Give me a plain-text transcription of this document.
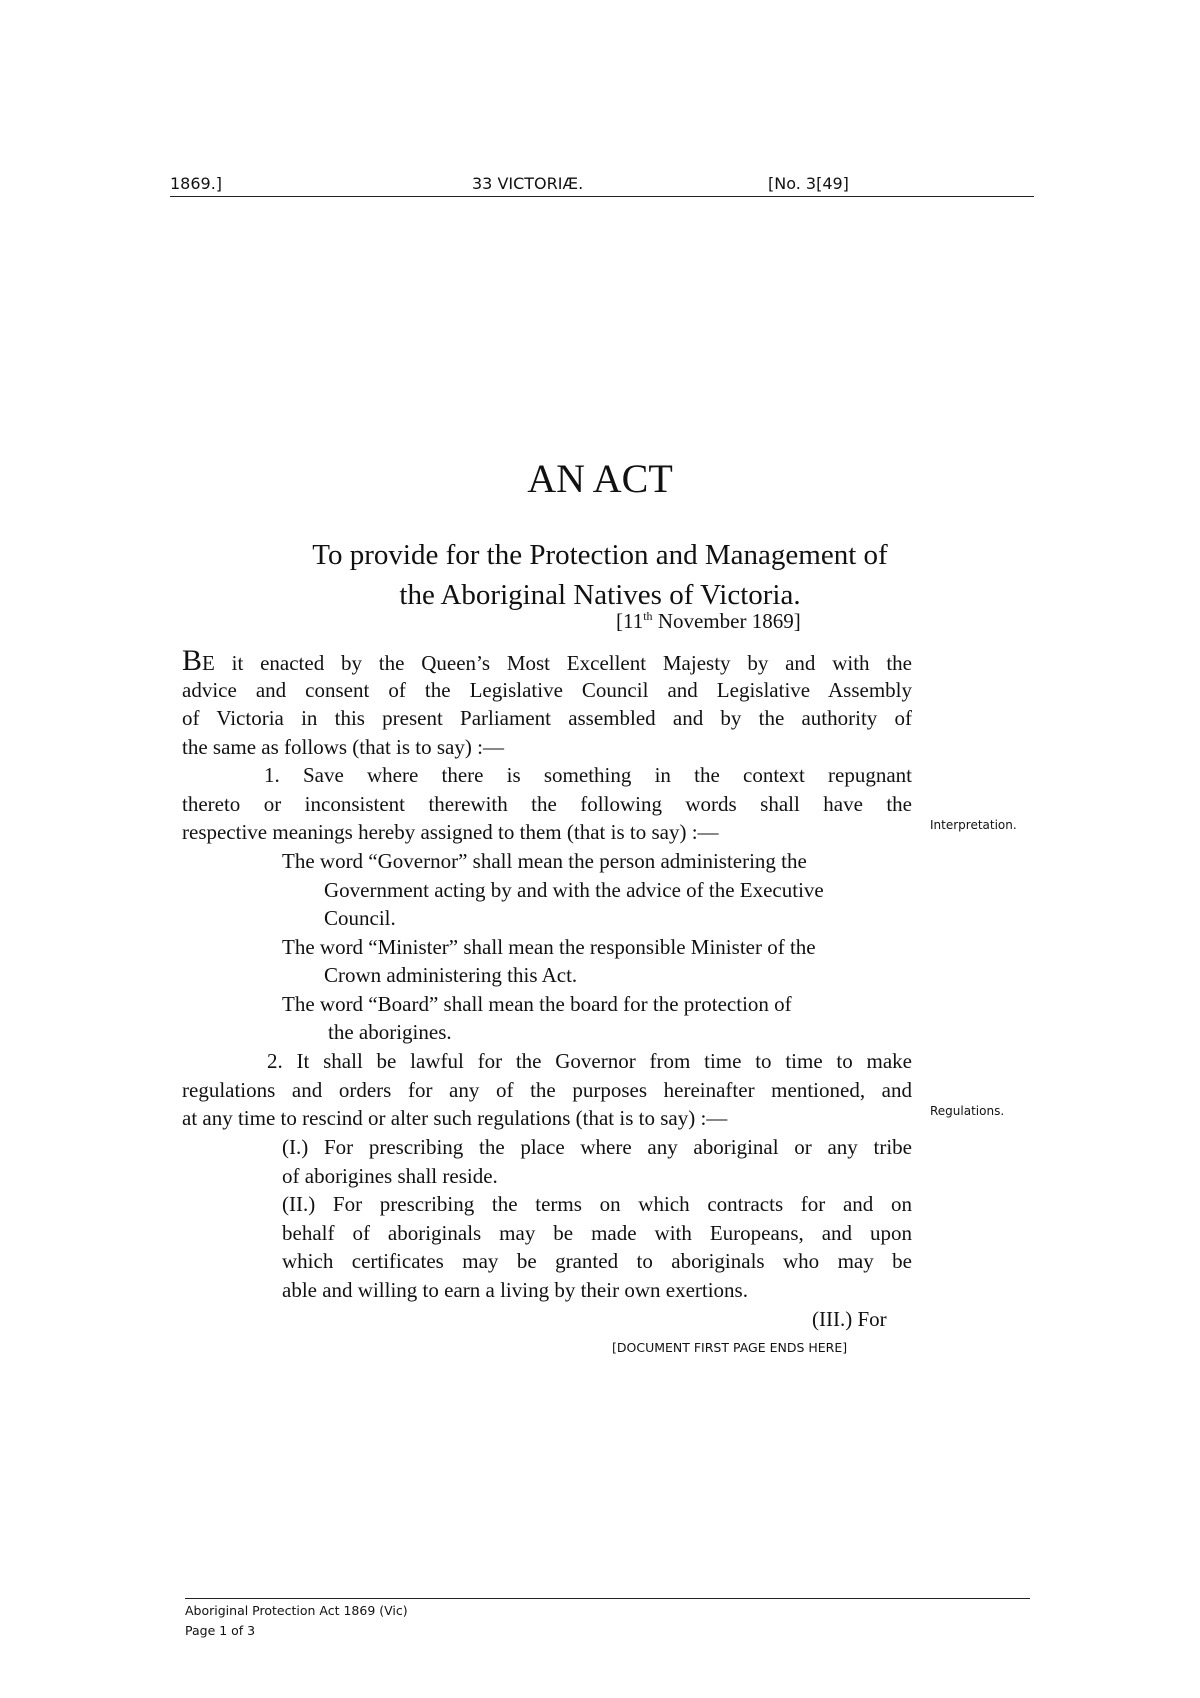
1869.]	33 VICTORIÆ.	[No. 3[49]
AN ACT
To provide for the Protection and Management of
the Aboriginal Natives of Victoria.
[11th November 1869]
BE it enacted by the Queen’s Most Excellent Majesty by and with the
advice and consent of the Legislative Council and Legislative Assembly
of Victoria in this present Parliament assembled and by the authority of
the same as follows (that is to say) :—
1. Save where there is something in the context repugnant
thereto or inconsistent therewith the following words shall have the
respective meanings hereby assigned to them (that is to say) :—	Interpretation.
The word “Governor” shall mean the person administering the
Government acting by and with the advice of the Executive
Council.
The word “Minister” shall mean the responsible Minister of the
Crown administering this Act.
The word “Board” shall mean the board for the protection of
the aborigines.
2. It shall be lawful for the Governor from time to time to make
regulations and orders for any of the purposes hereinafter mentioned, and
at any time to rescind or alter such regulations (that is to say) :—	Regulations.
(I.) For prescribing the place where any aboriginal or any tribe
of aborigines shall reside.
(II.) For prescribing the terms on which contracts for and on
behalf of aboriginals may be made with Europeans, and upon
which certificates may be granted to aboriginals who may be
able and willing to earn a living by their own exertions.
(III.) For
[DOCUMENT FIRST PAGE ENDS HERE]
Aboriginal Protection Act 1869 (Vic)
Page 1 of 3
